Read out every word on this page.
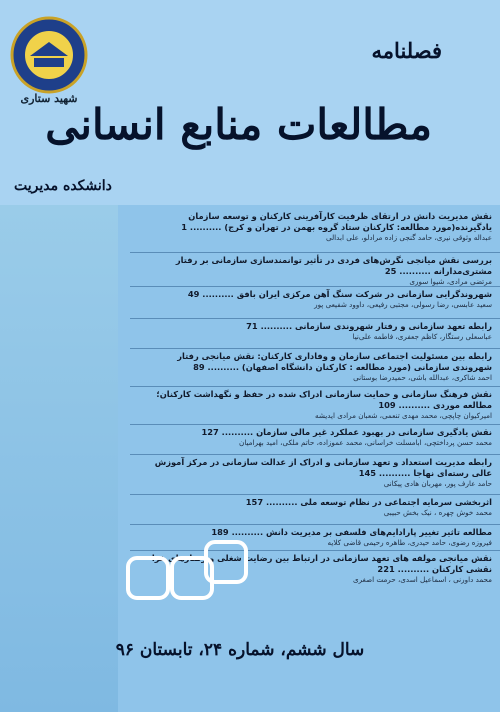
شهید ستاری
فصلنامه
مطالعات منابع انسانی
دانشکده مدیریت
نقش مدیریت دانش در ارتقای ظرفیت کارآفرینی کارکنان و توسعه سازمان یادگیرنده(مورد مطالعه: کارکنان ستاد گروه بهمن در تهران و کرج) .......... 1
عبداله وثوقی نیری، حامد گنجی زاده مرادلو، علی ابدالی
بررسی نقش میانجی نگرش‌های فردی در تأثیر توانمندسازی سازمانی بر رفتار مشتری‌مدارانه .......... 25
مرتضی مرادی، شیوا سوری
شهروندگرایی سازمانی در شرکت سنگ آهن مرکزی ایران بافق .......... 49
سعید عابسی، رضا رسولی، مجتبی رفیعی، داوود شفیعی پور
رابطه تعهد سازمانی و رفتار شهروندی سازمانی .......... 71
عباسعلی رستگار، کاظم جعفری، فاطمه علی‌نیا
رابطه بین مسئولیت اجتماعی سازمان و وفاداری کارکنان: نقش میانجی رفتار شهروندی سازمانی (مورد مطالعه : کارکنان دانشگاه اصفهان) .......... 89
احمد شاکری، عبدالله باشی، حمیدرضا بوستانی
نقش فرهنگ سازمانی و حمایت سازمانی ادراک شده در حفظ و نگهداشت کارکنان؛ مطالعه موردی .......... 109
امیرکیوان چاپچی، محمد مهدی تنعمی، شعبان مرادی ایدیشه
نقش یادگیری سازمانی در بهبود عملکرد غیر مالی سازمان .......... 127
محمد حسن پرداختچی، ابامسلت خراسانی، محمد عموزاده، حاتم ملکی، امید بهرامیان
رابطه مدیریت استعداد و تعهد سازمانی و ادراک از عدالت سازمانی در مرکز آموزش عالی رسته‌ای نهاجا .......... 145
حامد عارف پور، مهربان هادی پیکانی
اثربخشی سرمایه اجتماعی در نظام توسعه ملی .......... 157
محمد خوش چهره ، نیک بخش حبیبی
مطالعه تاثیر تغییر پارادایم‌های فلسفی بر مدیریت دانش .......... 189
فیروزه رضوی، حامد حیدری، طاهره رحیمی قاضی کلایه
نقش میانجی مولفه های تعهد سازمانی در ارتباط بین رضایت شغلی و رفتارهای فرا نقشی کارکنان .......... 221
محمد داورنی ، اسماعیل اسدی، حرمت اصغری
سال ششم، شماره ۲۴، تابستان ۹۶
